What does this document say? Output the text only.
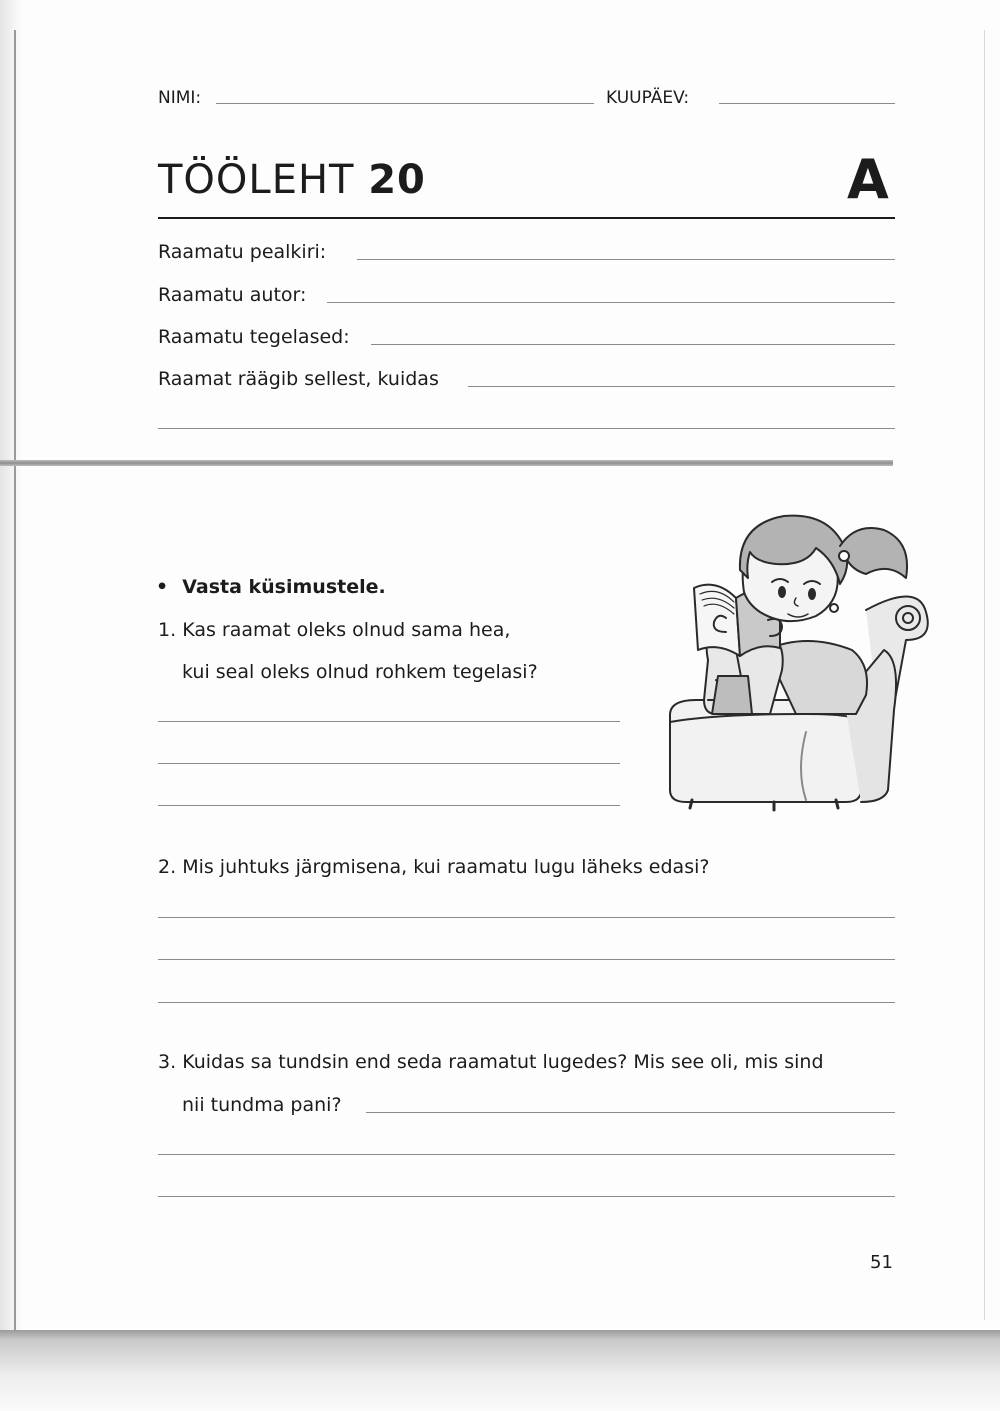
NIMI:	KUUPÄEV:
TÖÖLEHT 20	A
Raamatu pealkiri:
Raamatu autor:
Raamatu tegelased:
Raamat räägib sellest, kuidas
• Vasta küsimustele.
1. Kas raamat oleks olnud sama hea,
kui seal oleks olnud rohkem tegelasi?
2. Mis juhtuks järgmisena, kui raamatu lugu läheks edasi?
3. Kuidas sa tundsin end seda raamatut lugedes? Mis see oli, mis sind
nii tundma pani?
51
